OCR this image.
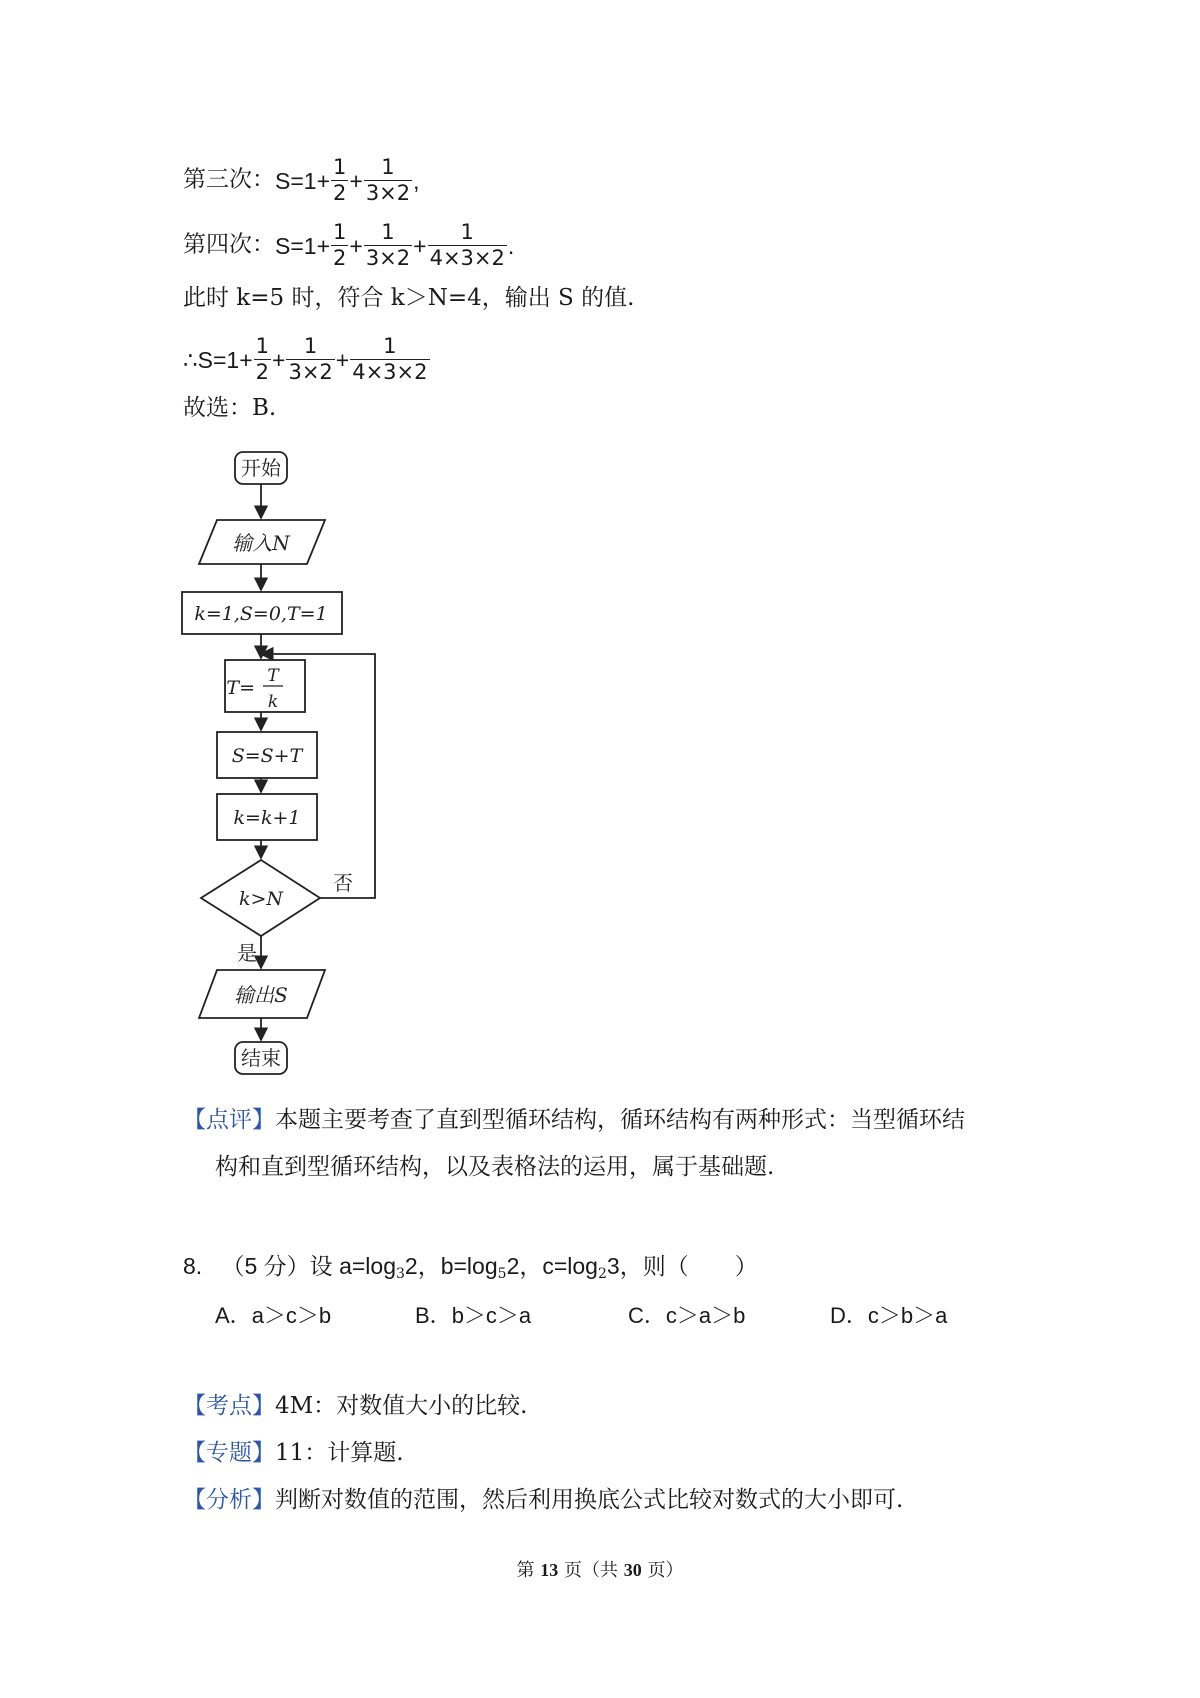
第三次： $S=1+ \frac{1}{2} + \frac{1}{3\times 2}$ ,
第四次： $S=1+ \frac{1}{2} + \frac{1}{3\times 2} + \frac{1}{4\times 3\times 2}$ .
此时 k=5 时，符合 k＞N=4，输出 S 的值.
∴S=1+ $\frac{1}{2} + \frac{1}{3\times 2} + \frac{1}{4\times 3\times 2}$
故选：B.
开始
输入N
k=1,S=0,T=1
T=
T
k
S=S+T
k=k+1
k>N
否
是
输出S
结束
【点评】本题主要考查了直到型循环结构，循环结构有两种形式：当型循环结
构和直到型循环结构，以及表格法的运用，属于基础题.
8. （5 分）设 $a=\log_32$，$b=\log_52$，$c=\log_23$，则（　　）
A．a＞c＞b	B．b＞c＞a	C．c＞a＞b	D．c＞b＞a
【考点】4M：对数值大小的比较.
【专题】11：计算题.
【分析】判断对数值的范围，然后利用换底公式比较对数式的大小即可.
第 13 页（共 30 页）
